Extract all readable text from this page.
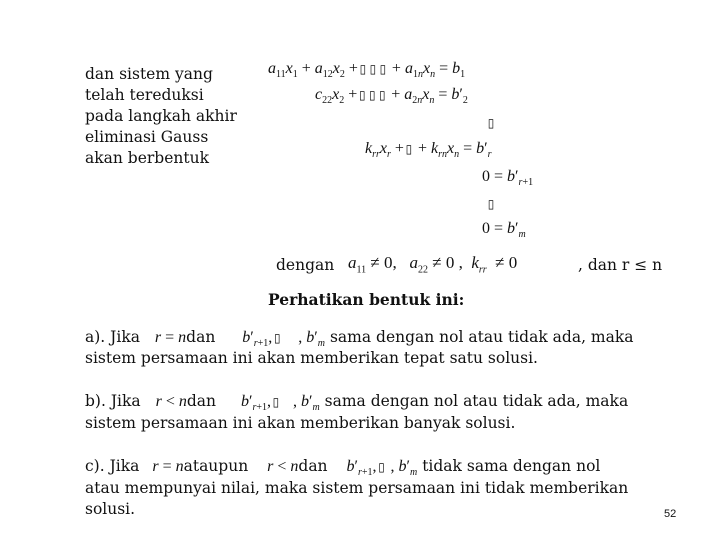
dan sistem yang
telah tereduksi
pada langkah akhir
eliminasi Gauss
akan berbentuk
$a_{11}x_1 + a_{12}x_2$ + ▯ ▯ ▯ + $a_{1n}x_n = b_1$
$c_{22}x_2$ + ▯ ▯ ▯ + $a_{2n}x_n = b'_2$
▯
$k_{rr}x_r$ + ▯ + $k_{rn}x_n = b'_r$
$0 = b'_{r+1}$
▯
$0 = b'_m$
dengan $a_{11} \ne 0$,   $a_{22} \ne 0$ ,  $k_{rr} \ne 0$	, dan r ≤ n
Perhatikan bentuk ini:
a). Jika r = ndan $b'_{r+1}$, ▯    , $b'_m$ sama dengan nol atau tidak ada, maka
sistem persamaan ini akan memberikan tepat satu solusi.
b). Jika r < ndan $b'_{r+1}$, ▯   , $b'_m$ sama dengan nol atau tidak ada, maka
sistem persamaan ini akan memberikan banyak solusi.
c). Jika r = nataupun r < ndan $b'_{r+1}$, ▯ , $b'_m$ tidak sama dengan nol
atau mempunyai nilai, maka sistem persamaan ini tidak memberikan
solusi.	52
